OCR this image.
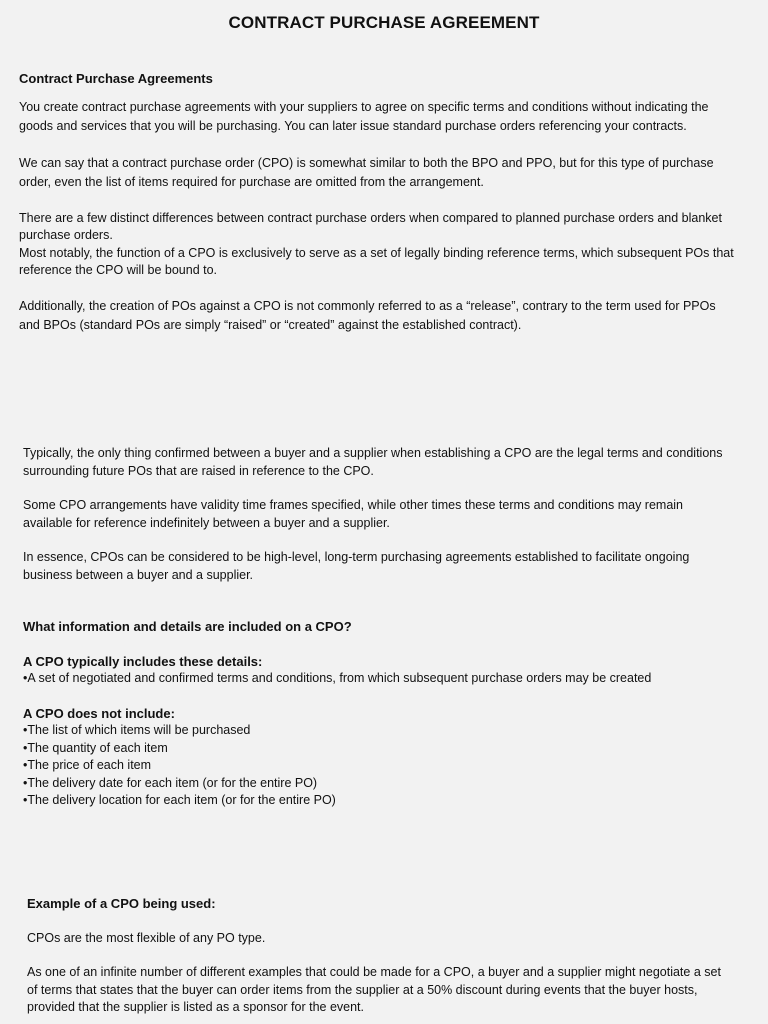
CONTRACT PURCHASE AGREEMENT

Contract Purchase Agreements

You create contract purchase agreements with your suppliers to agree on specific terms and conditions without indicating the goods and services that you will be purchasing. You can later issue standard purchase orders referencing your contracts.

We can say that a contract purchase order (CPO) is somewhat similar to both the BPO and PPO, but for this type of purchase order, even the list of items required for purchase are omitted from the arrangement.

There are a few distinct differences between contract purchase orders when compared to planned purchase orders and blanket purchase orders.

Most notably, the function of a CPO is exclusively to serve as a set of legally binding reference terms, which subsequent POs that reference the CPO will be bound to.

Additionally, the creation of POs against a CPO is not commonly referred to as a “release”, contrary to the term used for PPOs and BPOs (standard POs are simply “raised” or “created” against the established contract).

Typically, the only thing confirmed between a buyer and a supplier when establishing a CPO are the legal terms and conditions surrounding future POs that are raised in reference to the CPO.

Some CPO arrangements have validity time frames specified, while other times these terms and conditions may remain available for reference indefinitely between a buyer and a supplier.

In essence, CPOs can be considered to be high-level, long-term purchasing agreements established to facilitate ongoing business between a buyer and a supplier.

What information and details are included on a CPO?

A CPO typically includes these details:

•A set of negotiated and confirmed terms and conditions, from which subsequent purchase orders may be created

A CPO does not include:

•The list of which items will be purchased
•The quantity of each item
•The price of each item
•The delivery date for each item (or for the entire PO)
•The delivery location for each item (or for the entire PO)

Example of a CPO being used:

CPOs are the most flexible of any PO type.

As one of an infinite number of different examples that could be made for a CPO, a buyer and a supplier might negotiate a set of terms that states that the buyer can order items from the supplier at a 50% discount during events that the buyer hosts, provided that the supplier is listed as a sponsor for the event.
